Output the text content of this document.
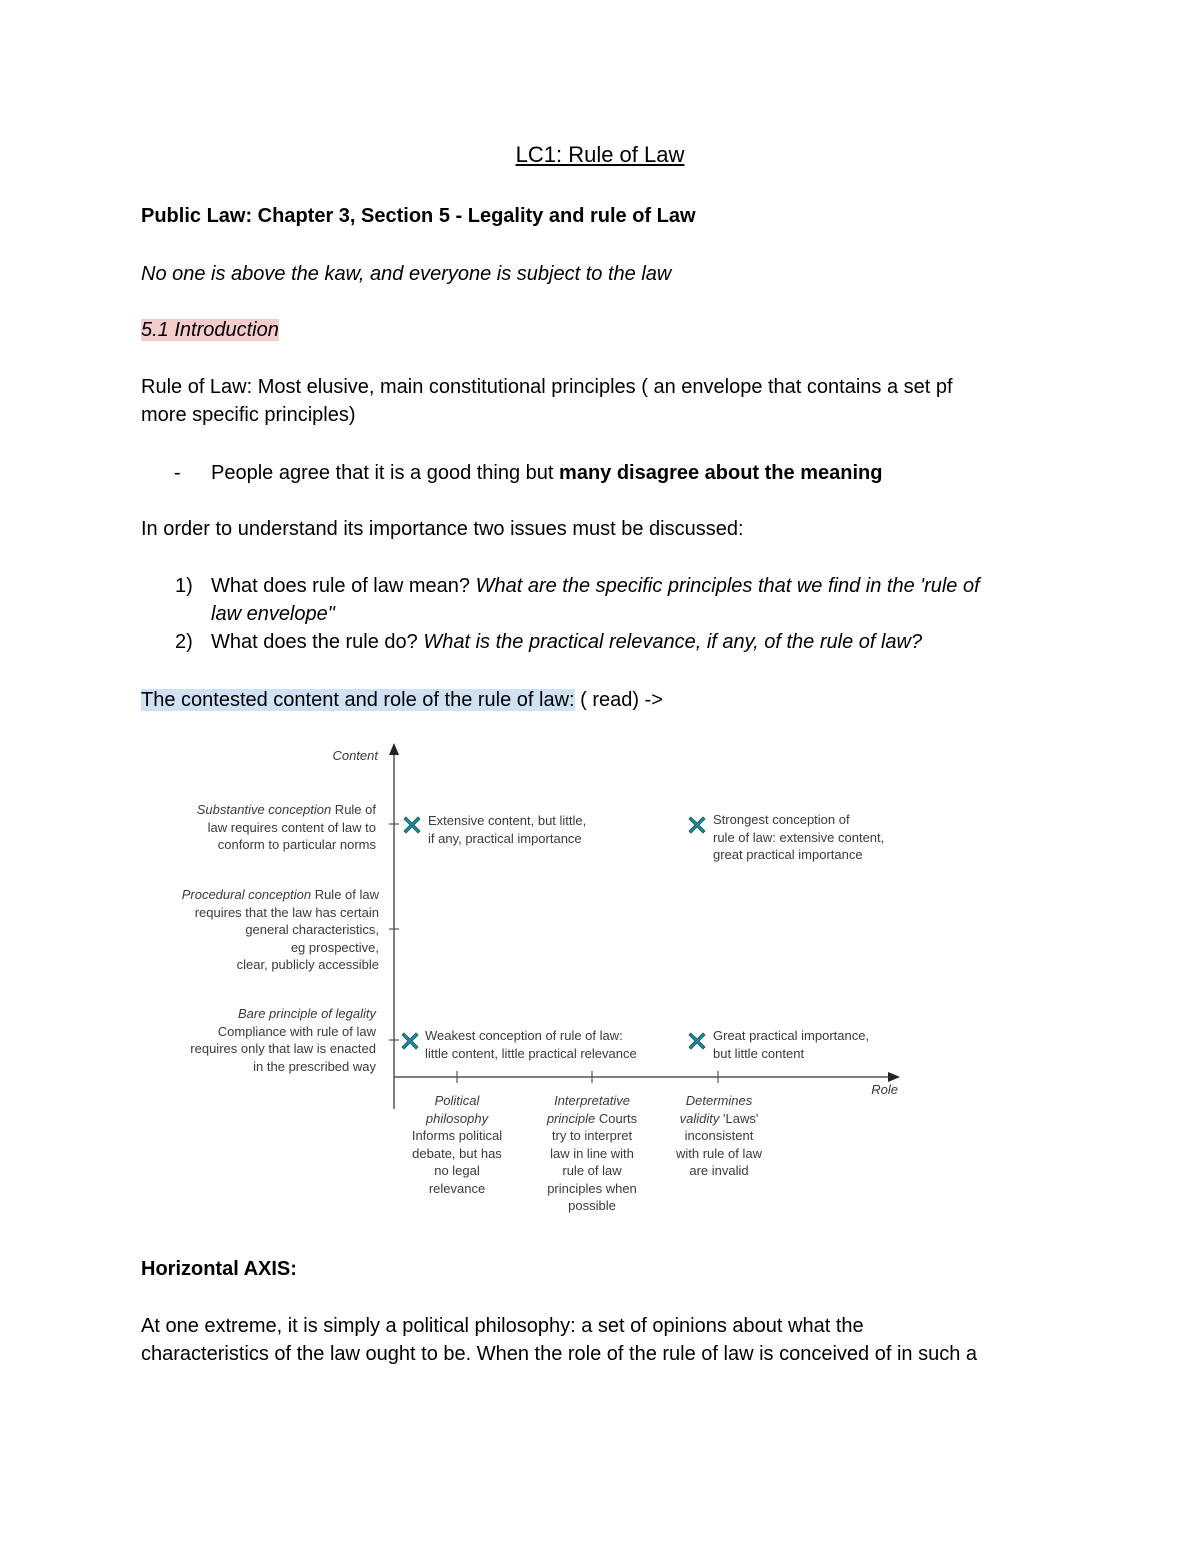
LC1: Rule of Law
Public Law: Chapter 3, Section 5 - Legality and rule of Law
No one is above the kaw, and everyone is subject to the law
5.1 Introduction
Rule of Law: Most elusive, main constitutional principles ( an envelope that contains a set pf
more specific principles)
- People agree that it is a good thing but many disagree about the meaning
In order to understand its importance two issues must be discussed:
1) What does rule of law mean? What are the specific principles that we find in the 'rule of
law envelope"
2) What does the rule do? What is the practical relevance, if any, of the rule of law?
The contested content and role of the rule of law: ( read) ->
Content
Role
Substantive conception Rule of
law requires content of law to
conform to particular norms
Procedural conception Rule of law
requires that the law has certain
general characteristics,
eg prospective,
clear, publicly accessible
Bare principle of legality
Compliance with rule of law
requires only that law is enacted
in the prescribed way
Political
philosophy
Informs political
debate, but has
no legal
relevance
Interpretative
principle Courts
try to interpret
law in line with
rule of law
principles when
possible
Determines
validity 'Laws'
inconsistent
with rule of law
are invalid
Extensive content, but little,
if any, practical importance
Strongest conception of
rule of law: extensive content,
great practical importance
Weakest conception of rule of law:
little content, little practical relevance
Great practical importance,
but little content
Horizontal AXIS:
At one extreme, it is simply a political philosophy: a set of opinions about what the
characteristics of the law ought to be. When the role of the rule of law is conceived of in such a
